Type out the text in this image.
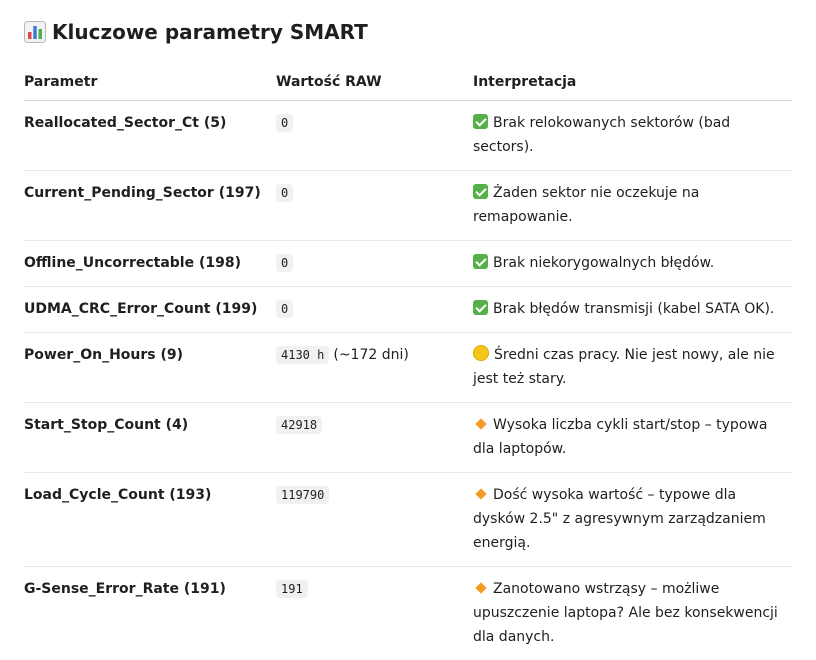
Kluczowe parametry SMART
Parametr	Wartość RAW	Interpretacja
Reallocated_Sector_Ct (5)	0	Brak relokowanych sektorów (bad sectors).
Current_Pending_Sector (197)	0	Żaden sektor nie oczekuje na remapowanie.
Offline_Uncorrectable (198)	0	Brak niekorygowalnych błędów.
UDMA_CRC_Error_Count (199)	0	Brak błędów transmisji (kabel SATA OK).
Power_On_Hours (9)	4130 h (~172 dni)	Średni czas pracy. Nie jest nowy, ale nie jest też stary.
Start_Stop_Count (4)	42918	Wysoka liczba cykli start/stop – typowa dla laptopów.
Load_Cycle_Count (193)	119790	Dość wysoka wartość – typowe dla dysków 2.5" z agresywnym zarządzaniem energią.
G-Sense_Error_Rate (191)	191	Zanotowano wstrząsy – możliwe upuszczenie laptopa? Ale bez konsekwencji dla danych.
